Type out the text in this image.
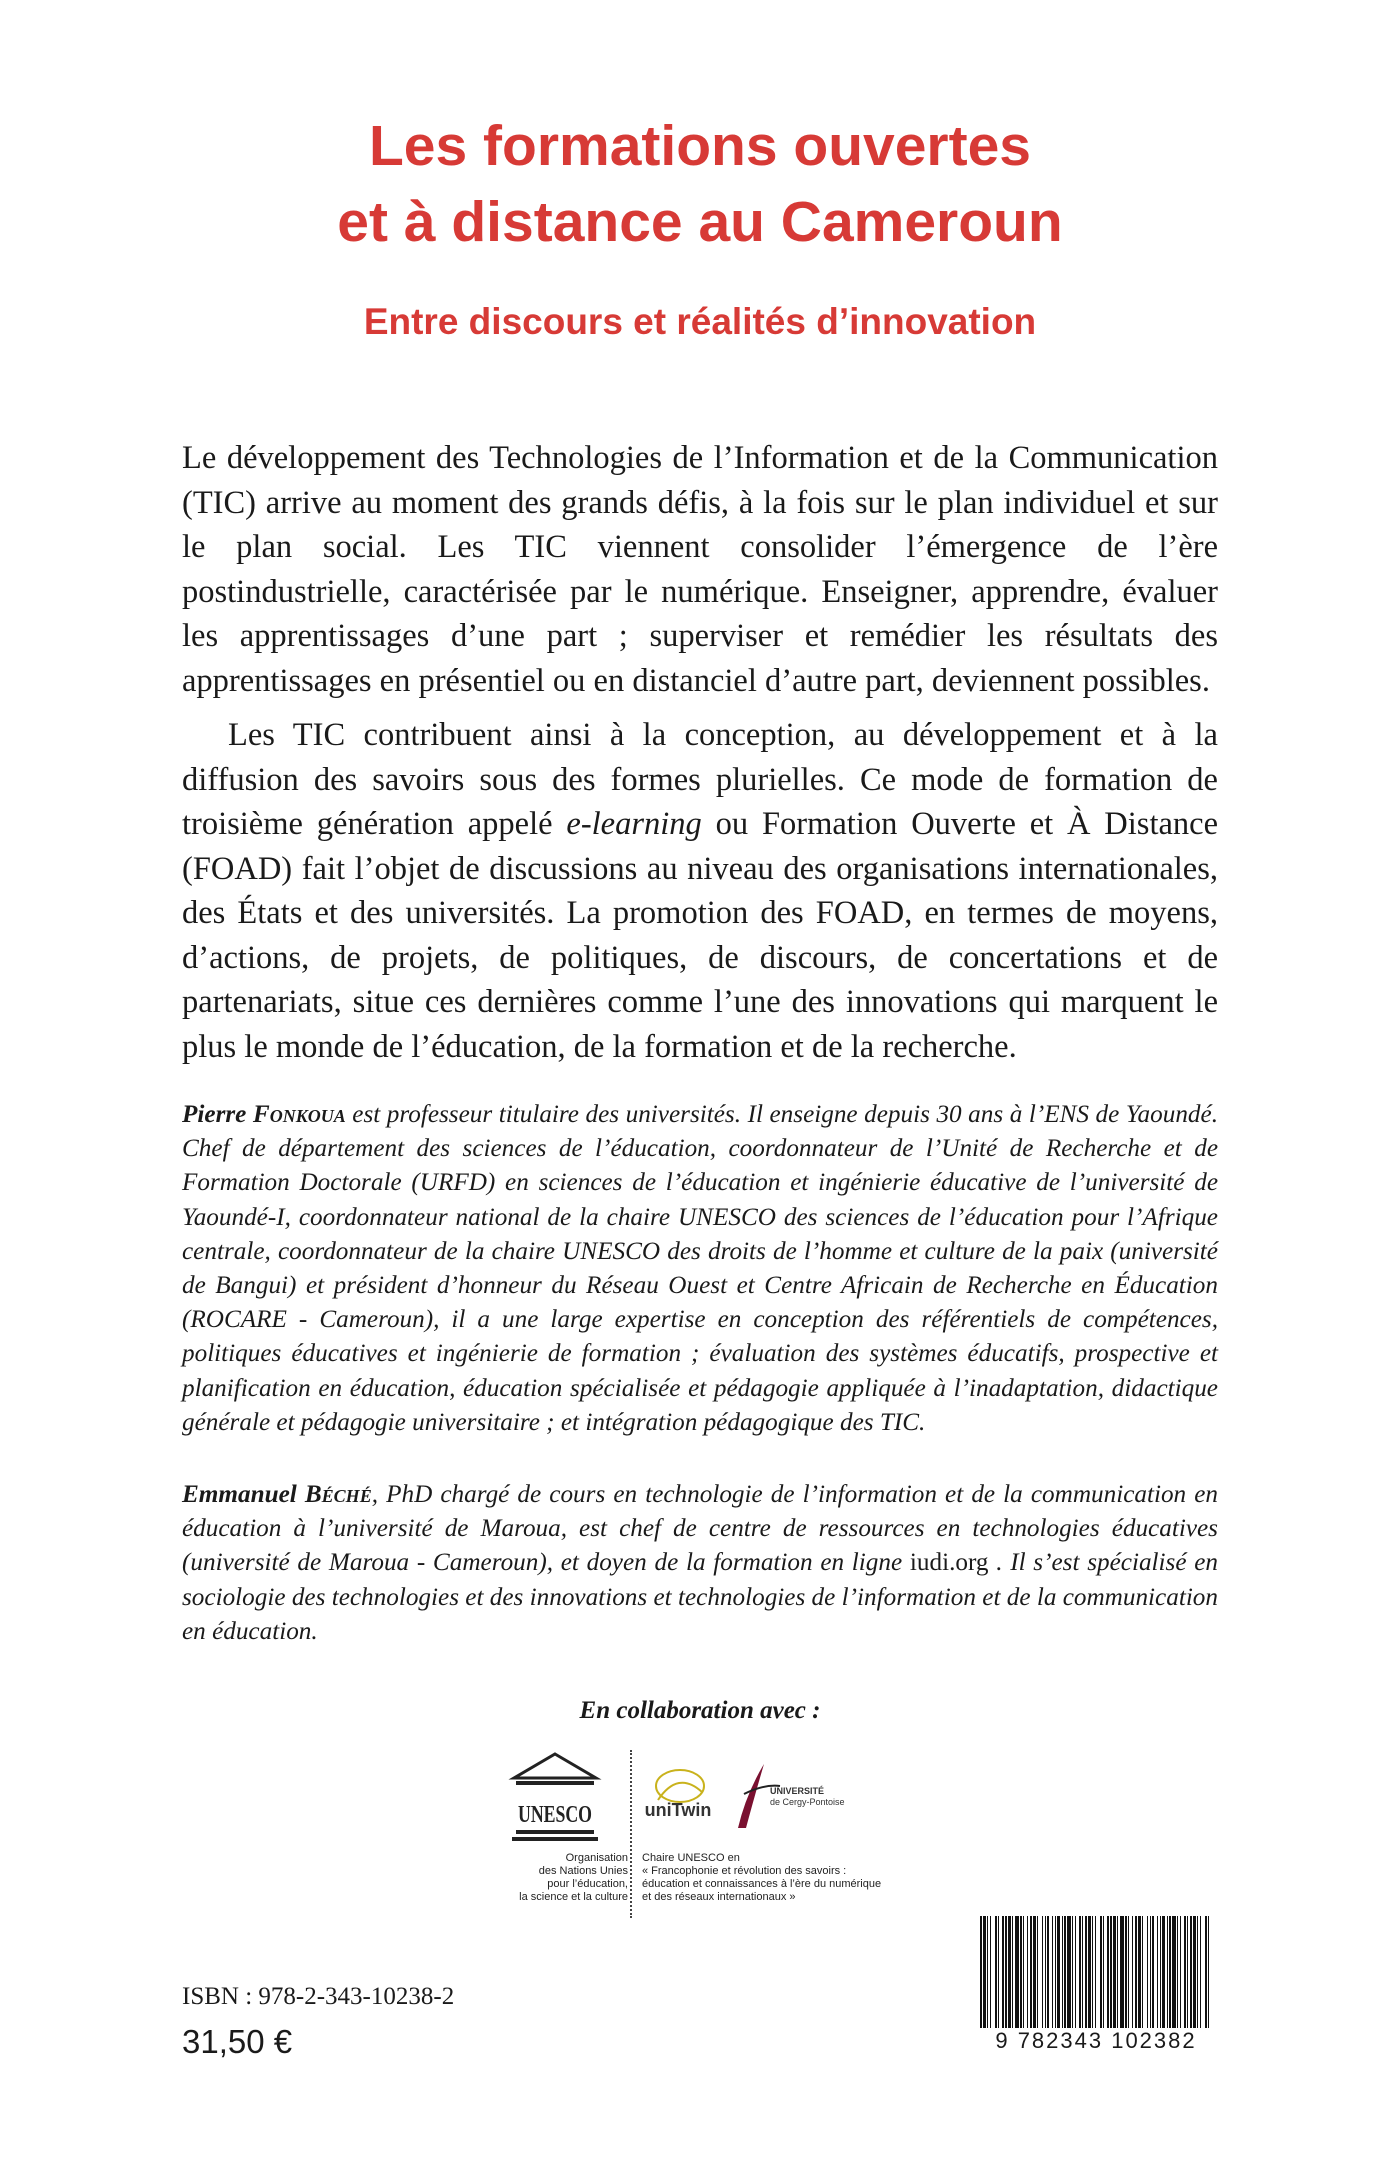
Les formations ouvertes
et à distance au Cameroun
Entre discours et réalités d’innovation

Le développement des Technologies de l’Information et de la Communication (TIC) arrive au moment des grands défis, à la fois sur le plan individuel et sur le plan social. Les TIC viennent consolider l’émergence de l’ère postindustrielle, caractérisée par le numérique. Enseigner, apprendre, évaluer les apprentissages d’une part ; superviser et remédier les résultats des apprentissages en présentiel ou en distanciel d’autre part, deviennent possibles.

Les TIC contribuent ainsi à la conception, au développement et à la diffusion des savoirs sous des formes plurielles. Ce mode de formation de troisième génération appelé e-learning ou Formation Ouverte et À Distance (FOAD) fait l’objet de discussions au niveau des organisations internationales, des États et des universités. La promotion des FOAD, en termes de moyens, d’actions, de projets, de politiques, de discours, de concertations et de partenariats, situe ces dernières comme l’une des innovations qui marquent le plus le monde de l’éducation, de la formation et de la recherche.

Pierre Fonkoua est professeur titulaire des universités. Il enseigne depuis 30 ans à l’ENS de Yaoundé. Chef de département des sciences de l’éducation, coordonnateur de l’Unité de Recherche et de Formation Doctorale (URFD) en sciences de l’éducation et ingénierie éducative de l’université de Yaoundé-I, coordonnateur national de la chaire UNESCO des sciences de l’éducation pour l’Afrique centrale, coordonnateur de la chaire UNESCO des droits de l’homme et culture de la paix (université de Bangui) et président d’honneur du Réseau Ouest et Centre Africain de Recherche en Éducation (ROCARE - Cameroun), il a une large expertise en conception des référentiels de compétences, politiques éducatives et ingénierie de formation ; évaluation des systèmes éducatifs, prospective et planification en éducation, éducation spécialisée et pédagogie appliquée à l’inadaptation, didactique générale et pédagogie universitaire ; et intégration pédagogique des TIC.
Emmanuel Béché, PhD chargé de cours en technologie de l’information et de la communication en éducation à l’université de Maroua, est chef de centre de ressources en technologies éducatives (université de Maroua - Cameroun), et doyen de la formation en ligne iudi.org . Il s’est spécialisé en sociologie des technologies et des innovations et technologies de l’information et de la communication en éducation.
En collaboration avec :
UNESCO
Organisation
des Nations Unies
pour l’éducation,
la science et la culture
uniTwin
UNIVERSITÉ
de Cergy-Pontoise
Chaire UNESCO en
« Francophonie et révolution des savoirs :
éducation et connaissances à l’ère du numérique
et des réseaux internationaux »
ISBN : 978-2-343-10238-2
31,50 €	9 782343 102382
